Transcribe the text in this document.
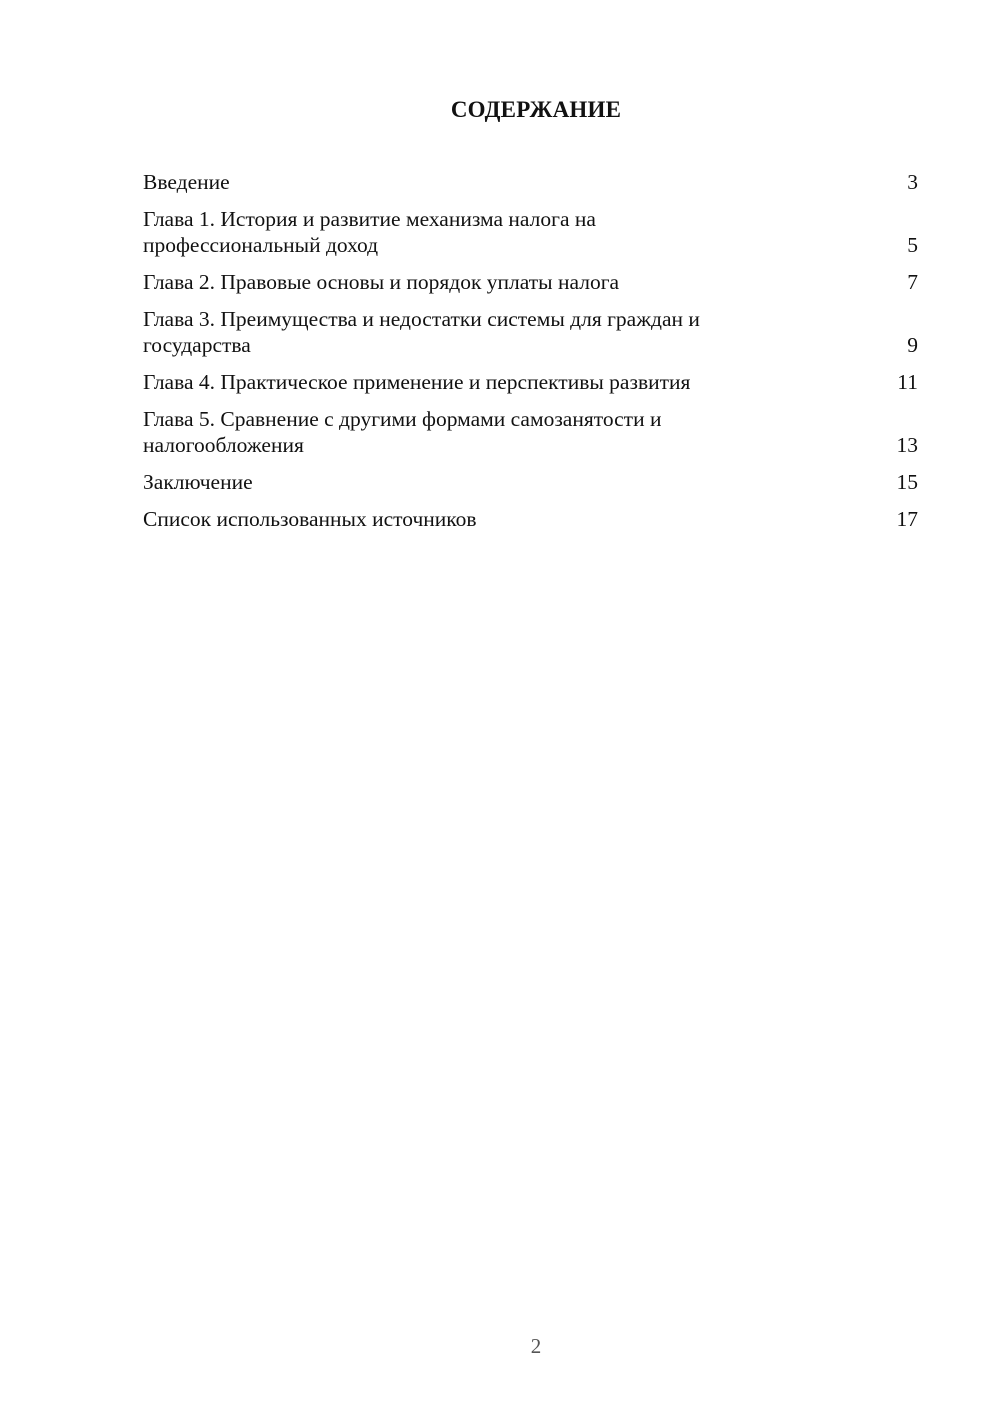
СОДЕРЖАНИЕ
Введение	3
Глава 1. История и развитие механизма налога на
профессиональный доход	5
Глава 2. Правовые основы и порядок уплаты налога	7
Глава 3. Преимущества и недостатки системы для граждан и
государства	9
Глава 4. Практическое применение и перспективы развития	11
Глава 5. Сравнение с другими формами самозанятости и
налогообложения	13
Заключение	15
Список использованных источников	17
2
